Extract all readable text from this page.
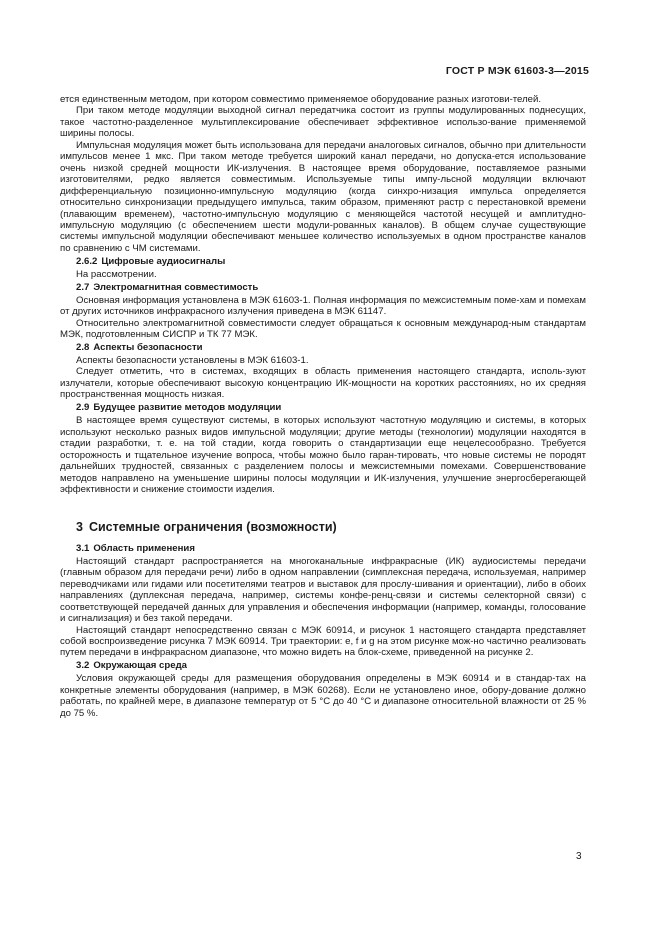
ГОСТ Р МЭК 61603-3—2015
ется единственным методом, при котором совместимо применяемое оборудование разных изготови-телей.
При таком методе модуляции выходной сигнал передатчика состоит из группы модулированных поднесущих, такое частотно-разделенное мультиплексирование обеспечивает эффективное использо-вание применяемой ширины полосы.
Импульсная модуляция может быть использована для передачи аналоговых сигналов, обычно при длительности импульсов менее 1 мкс. При таком методе требуется широкий канал передачи, но допуска-ется использование очень низкой средней мощности ИК-излучения. В настоящее время оборудование, поставляемое разными изготовителями, редко является совместимым. Используемые типы импу-льсной модуляции включают дифференциальную позиционно-импульсную модуляцию (когда синхро-низация импульса определяется относительно синхронизации предыдущего импульса, таким образом, применяют растр с перестановкой времени (плавающим временем), частотно-импульсную модуляцию с меняющейся частотой несущей и амплитудно-импульсную модуляцию (с обеспечением шести модули-рованных каналов). В общем случае существующие системы импульсной модуляции обеспечивают меньшее количество используемых в одном пространстве каналов по сравнению с ЧМ системами.
2.6.2 Цифровые аудиосигналы
На рассмотрении.
2.7 Электромагнитная совместимость
Основная информация установлена в МЭК 61603-1. Полная информация по межсистемным поме-хам и помехам от других источников инфракрасного излучения приведена в МЭК 61147.
Относительно электромагнитной совместимости следует обращаться к основным международ-ным стандартам МЭК, подготовленным СИСПР и ТК 77 МЭК.
2.8 Аспекты безопасности
Аспекты безопасности установлены в МЭК 61603-1.
Следует отметить, что в системах, входящих в область применения настоящего стандарта, исполь-зуют излучатели, которые обеспечивают высокую концентрацию ИК-мощности на коротких расстояниях, но их средняя пространственная мощность низкая.
2.9 Будущее развитие методов модуляции
В настоящее время существуют системы, в которых используют частотную модуляцию и системы, в которых используют несколько разных видов импульсной модуляции; другие методы (технологии) модуляции находятся в стадии разработки, т. е. на той стадии, когда говорить о стандартизации еще нецелесообразно. Требуется осторожность и тщательное изучение вопроса, чтобы можно было гаран-тировать, что новые системы не породят дальнейших трудностей, связанных с разделением полосы и межсистемными помехами. Совершенствование методов направлено на уменьшение ширины полосы модуляции и ИК-излучения, улучшение энергосберегающей эффективности и снижение стоимости изделия.
3 Системные ограничения (возможности)
3.1 Область применения
Настоящий стандарт распространяется на многоканальные инфракрасные (ИК) аудиосистемы передачи (главным образом для передачи речи) либо в одном направлении (симплексная передача, используемая, например переводчиками или гидами или посетителями театров и выставок для прослу-шивания и ориентации), либо в обоих направлениях (дуплексная передача, например, системы конфе-ренц-связи и системы селекторной связи) с соответствующей передачей данных для управления и обеспечения информации (например, команды, голосование и сигнализация) и без такой передачи.
Настоящий стандарт непосредственно связан с МЭК 60914, и рисунок 1 настоящего стандарта представляет собой воспроизведение рисунка 7 МЭК 60914. Три траектории: e, f и g на этом рисунке мож-но частично реализовать путем передачи в инфракрасном диапазоне, что можно видеть на блок-схеме, приведенной на рисунке 2.
3.2 Окружающая среда
Условия окружающей среды для размещения оборудования определены в МЭК 60914 и в стандар-тах на конкретные элементы оборудования (например, в МЭК 60268). Если не установлено иное, обору-дование должно работать, по крайней мере, в диапазоне температур от 5 °С до 40 °С и диапазоне относительной влажности от 25 % до 75 %.
3
